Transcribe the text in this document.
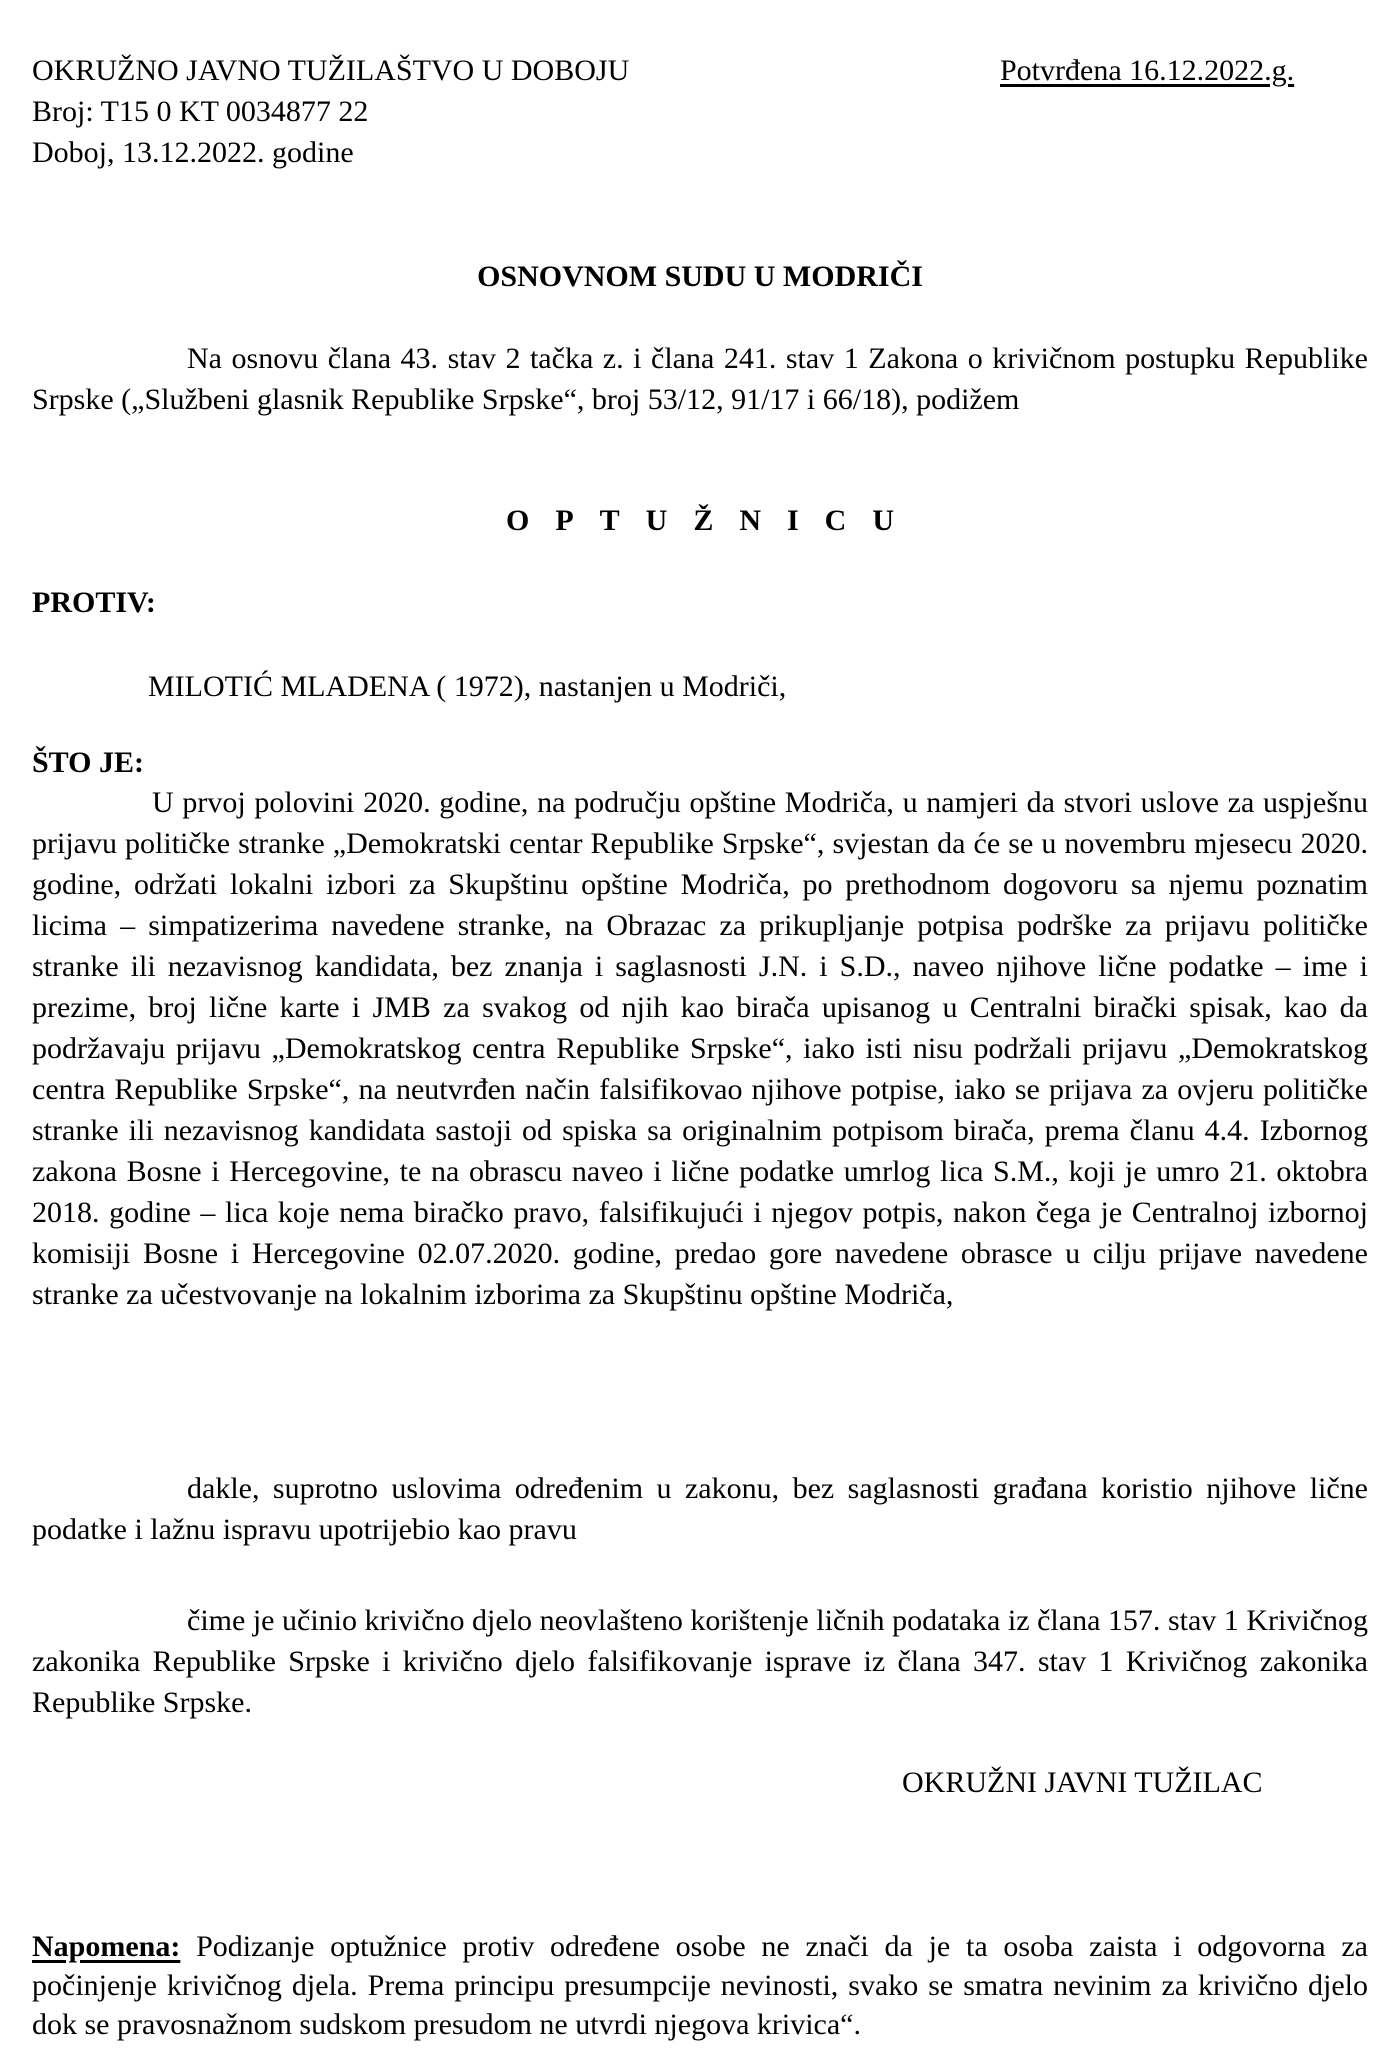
OKRUŽNO JAVNO TUŽILAŠTVO U DOBOJU
Broj: T15 0 KT 0034877 22
Doboj, 13.12.2022. godine
Potvrđena 16.12.2022.g.
OSNOVNOM SUDU U MODRIČI
Na osnovu člana 43. stav 2 tačka z. i člana 241. stav 1 Zakona o krivičnom postupku Republike Srpske („Službeni glasnik Republike Srpske“, broj 53/12, 91/17 i 66/18), podižem
OPTUŽNICU
PROTIV:
MILOTIĆ MLADENA ( 1972), nastanjen u Modriči,
ŠTO JE:
U prvoj polovini 2020. godine, na području opštine Modriča, u namjeri da stvori uslove za uspješnu prijavu političke stranke „Demokratski centar Republike Srpske“, svjestan da će se u novembru mjesecu 2020. godine, održati lokalni izbori za Skupštinu opštine Modriča, po prethodnom dogovoru sa njemu poznatim licima – simpatizerima navedene stranke, na Obrazac za prikupljanje potpisa podrške za prijavu političke stranke ili nezavisnog kandidata, bez znanja i saglasnosti J.N. i S.D., naveo njihove lične podatke – ime i prezime, broj lične karte i JMB za svakog od njih kao birača upisanog u Centralni birački spisak, kao da podržavaju prijavu „Demokratskog centra Republike Srpske“, iako isti nisu podržali prijavu „Demokratskog centra Republike Srpske“, na neutvrđen način falsifikovao njihove potpise, iako se prijava za ovjeru političke stranke ili nezavisnog kandidata sastoji od spiska sa originalnim potpisom birača, prema članu 4.4. Izbornog zakona Bosne i Hercegovine, te na obrascu naveo i lične podatke umrlog lica S.M., koji je umro 21. oktobra 2018. godine – lica koje nema biračko pravo, falsifikujući i njegov potpis, nakon čega je Centralnoj izbornoj komisiji Bosne i Hercegovine 02.07.2020. godine, predao gore navedene obrasce u cilju prijave navedene stranke za učestvovanje na lokalnim izborima za Skupštinu opštine Modriča,
dakle, suprotno uslovima određenim u zakonu, bez saglasnosti građana koristio njihove lične podatke i lažnu ispravu upotrijebio kao pravu
čime je učinio krivično djelo neovlašteno korištenje ličnih podataka iz člana 157. stav 1 Krivičnog zakonika Republike Srpske i krivično djelo falsifikovanje isprave iz člana 347. stav 1 Krivičnog zakonika Republike Srpske.
OKRUŽNI JAVNI TUŽILAC
Napomena: Podizanje optužnice protiv određene osobe ne znači da je ta osoba zaista i odgovorna za počinjenje krivičnog djela. Prema principu presumpcije nevinosti, svako se smatra nevinim za krivično djelo dok se pravosnažnom sudskom presudom ne utvrdi njegova krivica“.
